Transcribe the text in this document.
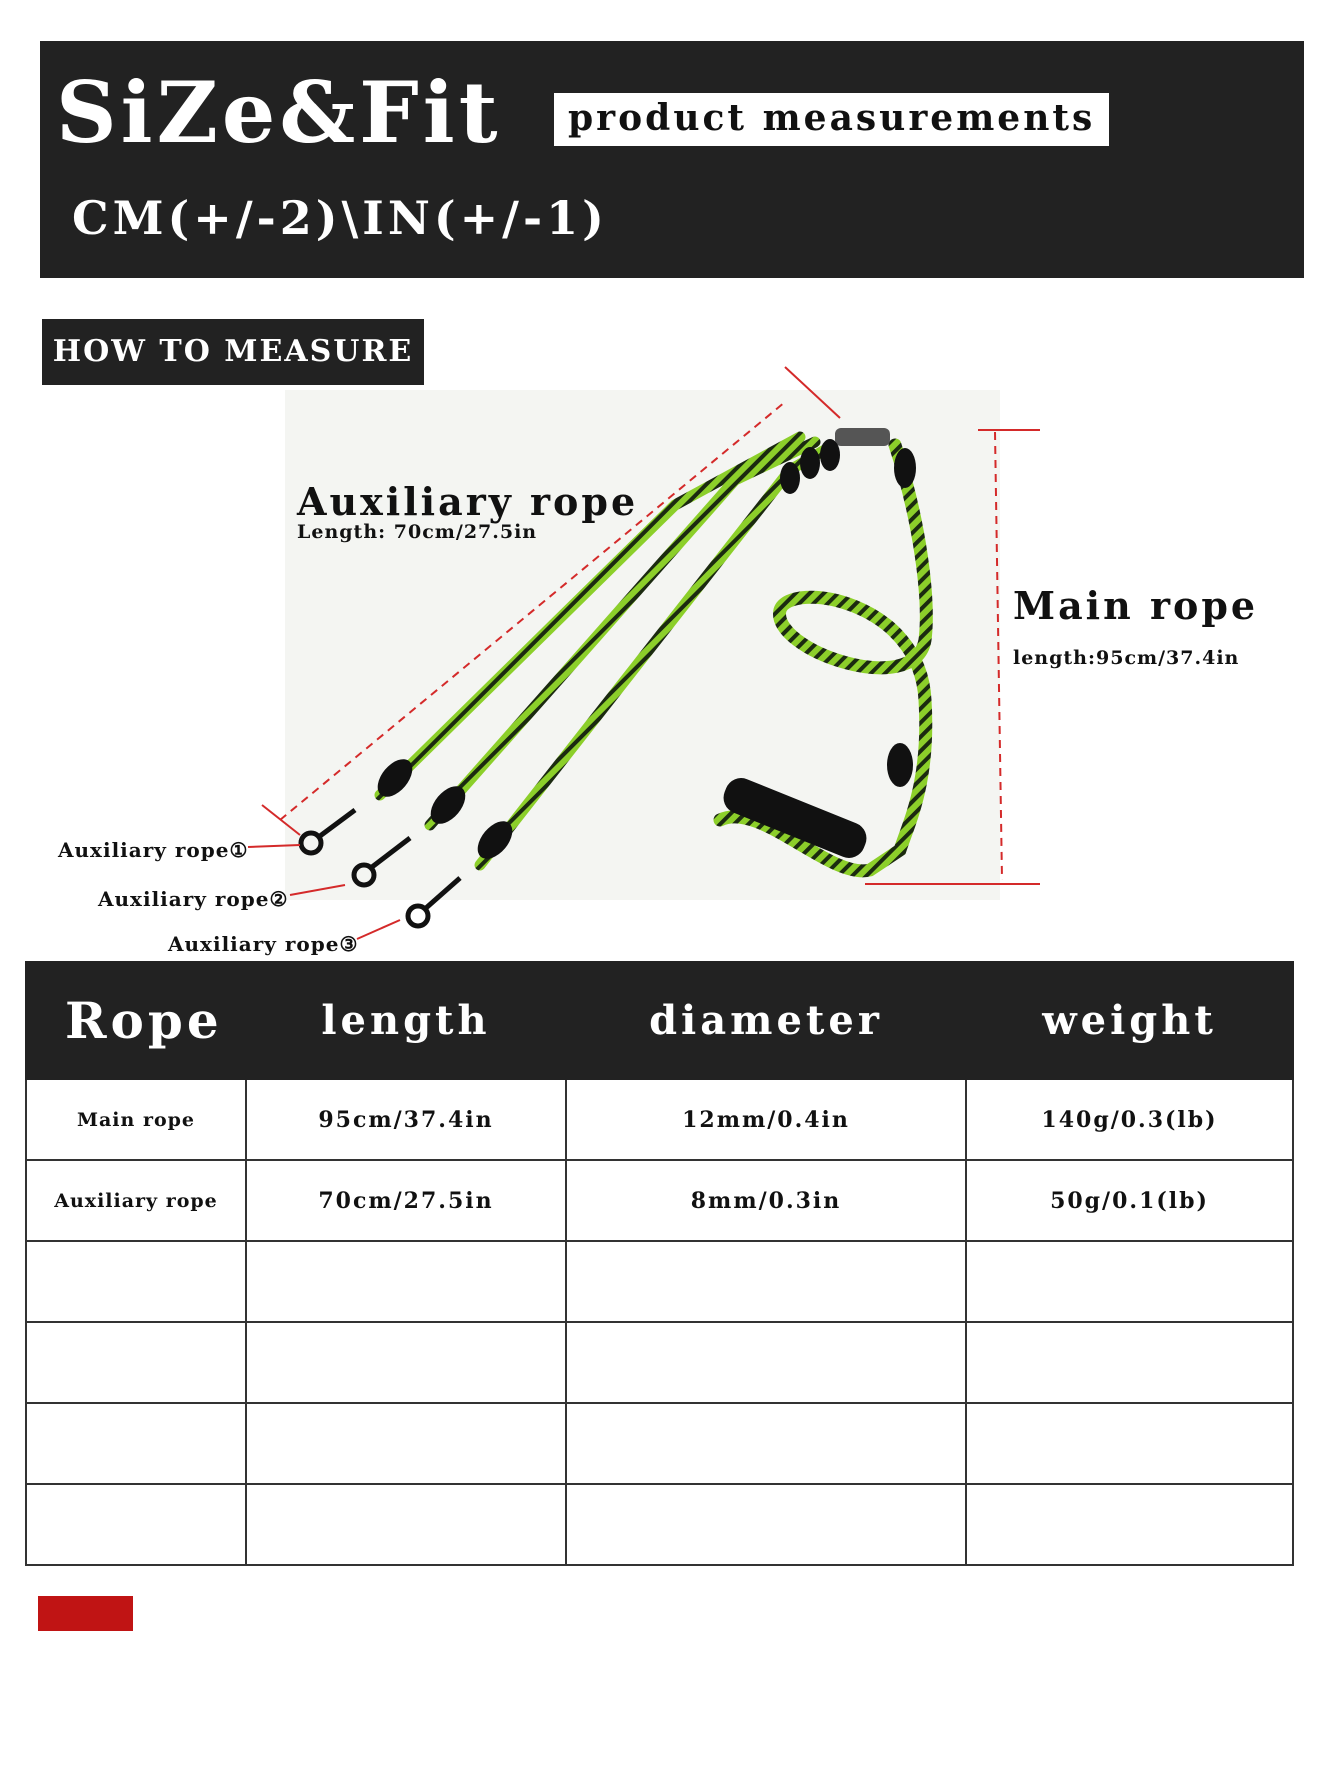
SiZe&Fit	product measurements
CM(+/-2)\IN(+/-1)
HOW TO MEASURE
Auxiliary rope
Length: 70cm/27.5in
Main rope
length:95cm/37.4in
Auxiliary rope①
Auxiliary rope②
Auxiliary rope③
Rope	length	diameter	weight
Main rope	95cm/37.4in	12mm/0.4in	140g/0.3(lb)
Auxiliary rope	70cm/27.5in	8mm/0.3in	50g/0.1(lb)
